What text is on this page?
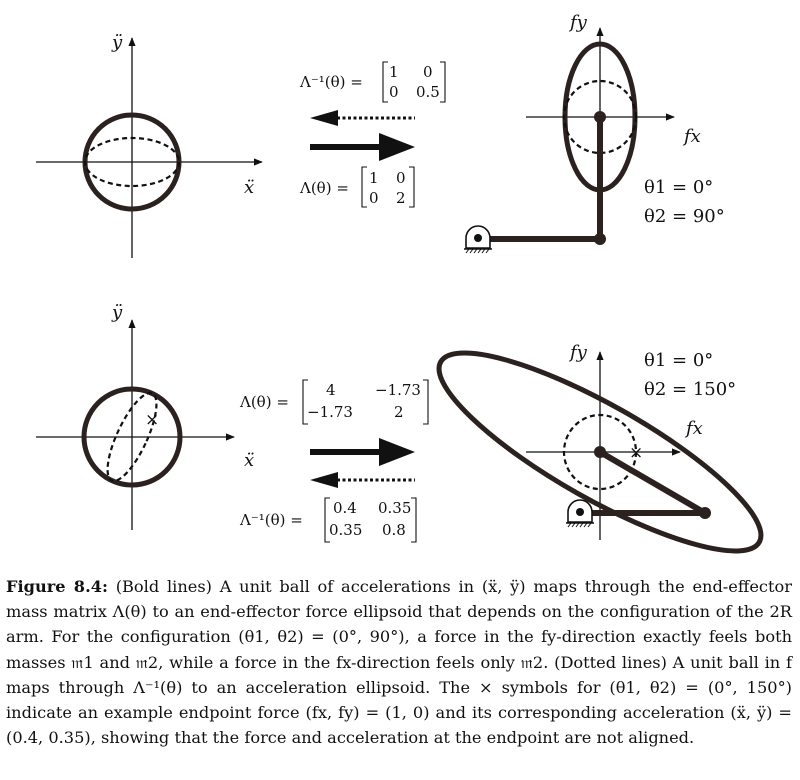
ÿ
ẍ
Λ⁻¹(θ) =
1 0
0 0.5
Λ(θ) =
1 0
0 2
fy
fx
θ1 = 0°
θ2 = 90°
×
ÿ
ẍ
Λ(θ) =
4	−1.73
−1.73	2
Λ⁻¹(θ) =
0.4 0.35
0.35 0.8
×
fy
fx
θ1 = 0°
θ2 = 150°
Figure 8.4: (Bold lines) A unit ball of accelerations in (ẍ, ÿ) maps through the end-effector mass matrix Λ(θ) to an end-effector force ellipsoid that depends on the configuration of the 2R arm. For the configuration (θ1, θ2) = (0°, 90°), a force in the fy-direction exactly feels both masses 𝔪1 and 𝔪2, while a force in the fx-direction feels only 𝔪2. (Dotted lines) A unit ball in f maps through Λ⁻¹(θ) to an acceleration ellipsoid. The × symbols for (θ1, θ2) = (0°, 150°) indicate an example endpoint force (fx, fy) = (1, 0) and its corresponding acceleration (ẍ, ÿ) = (0.4, 0.35), showing that the force and acceleration at the endpoint are not aligned.
